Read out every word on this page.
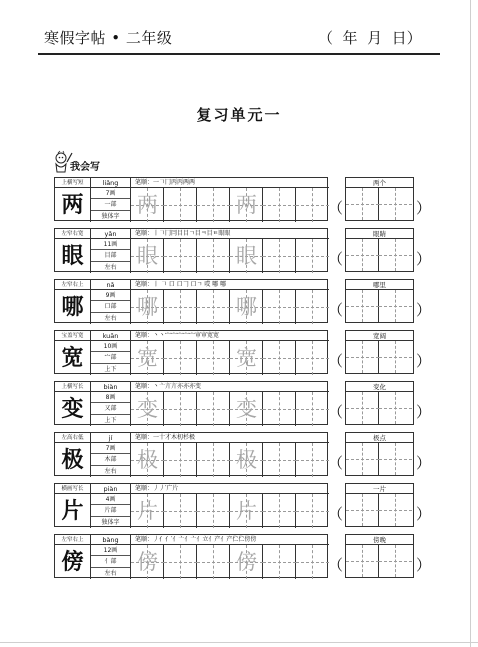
寒假字帖 • 二年级	（  年  月  日）
复习单元一
我会写
上横写短	liǎng	笔顺：一𠃍冂丙丙两两
两	7画
一部
独体字 两	两	（	）
两个
左窄右宽	yǎn	笔顺：丨𠃍冂冃目目ㄱ目ㅋ目ㅌ眼眼
眼	11画
目部
左右 眼	眼	（	）
眼睛
左窄右上	nǎ	笔顺：丨 𠃍 口 口𠃌 口ㄱ 哎 哪 哪
哪	9画
口部
左右 哪	哪	（	）
哪里
宝盖写宽	kuān	笔顺：丶丶宀宀宀宀宀审审宽宽
宽	10画
宀部
上下 宽	宽	（	）
宽阔
上横写长	biàn	笔顺：丶亠亣亣亦亦亦变
变	8画
又部
上下 变	变	（	）
变化
左高右低	jí	笔顺：一十才木朷杉极
极	7画
木部
左右 极	极	（	）
极点
横画写长	piàn	笔顺：丿丿′广片
片	4画
片部
独体字 片	片	（	）
一片
左窄右上	bàng	笔顺：丿亻亻′亻亠亻亠亻立亻产亻产伫伫傍傍
傍	12画
亻部
左右 傍	傍	（	）
傍晚
